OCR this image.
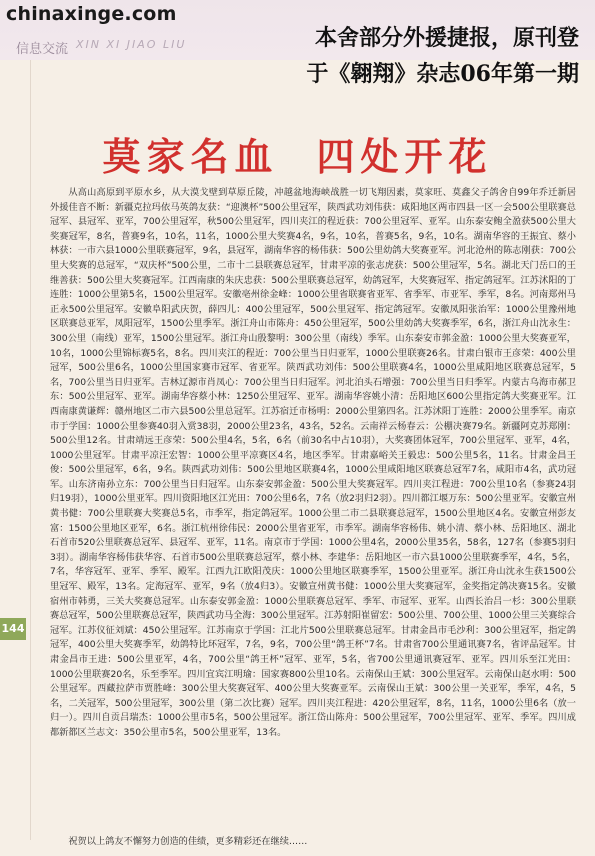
chinaxinge.com
信息交流 XIN XI JIAO LIU	本舍部分外援捷报，原刊登
于《翱翔》杂志06年第一期
莫家名血 四处开花

从高山高原到平原水乡，从大漠戈壁到草原丘陵，冲越盆地海峡战胜一切飞翔因素，莫家旺、莫鑫父子鸽舍自99年乔迁新居外援佳音不断：新疆克拉玛依马英鸽友获：“迎澳杯”500公里冠军，陕西武功刘伟获：咸阳地区两市四县一区一会500公里联赛总冠军、县冠军、亚军，700公里冠军，秋500公里冠军，四川夹江的程近获：700公里冠军、亚军。山东泰安鲍全盈获500公里大奖赛冠军，8名，普赛9名，10名，11名，1000公里大奖赛4名，9名，10名，普赛5名，9名，10名。湖南华容的王振宜、蔡小林获：一市六县1000公里联赛冠军，9名，县冠军，湖南华容的杨伟获：500公里幼鸽大奖赛亚军。河北沧州的陈志刚获：700公里大奖赛的总冠军，“双庆杯”500公里，二市十二县联赛总冠军，甘肃平凉的张志虎获：500公里冠军，5名。湖北天门岳口的王维善获：500公里大奖赛冠军。江西南康的朱庆忠获：500公里联赛总冠军，幼鸽冠军，大奖赛冠军、指定鸽冠军。江苏沭阳的丁连胜：1000公里第5名，1500公里冠军。安徽亳州徐金峰：1000公里省联赛省亚军、省季军、市亚军、季军，8名。河南郑州马正永500公里冠军。安徽阜阳武庆贺，薛四儿：400公里冠军，500公里冠军、指定鸽冠军。安徽凤阳张治军：1000公里豫州地区联赛总亚军，凤阳冠军，1500公里季军。浙江舟山市陈舟：450公里冠军，500公里幼鸽大奖赛季军，6名，浙江舟山沈永生：300公里（南线）亚军，1500公里冠军。浙江舟山殷黎明：300公里（南线）季军。山东泰安市郭金盈：1000公里大奖赛亚军，10名，1000公里锦标赛5名，8名。四川夹江的程近：700公里当日归亚军，1000公里联赛26名。甘肃白银市王彦荣：400公里冠军，500公里6名，1000公里国家赛市冠军、省亚军。陕西武功刘伟：500公里联赛4名，1000公里咸阳地区联赛总冠军，5名，700公里当日归亚军。吉林辽源市肖凤心：700公里当日归冠军。河北泊头石增强：700公里当日归季军。内蒙古乌海市郝卫东：500公里冠军、亚军。湖南华容蔡小林：1250公里冠军、亚军。湖南华容姚小清：岳阳地区600公里指定鸽大奖赛亚军。江西南康黄谦辉：赣州地区二市六县500公里总冠军。江苏宿迁市杨明：2000公里第四名。江苏沭阳丁连胜：2000公里季军。南京市于学国：1000公里参赛40羽入赏38羽，2000公里23名，43名，52名。云南祥云杨春云：公棚决赛79名。新疆阿克苏郑刚：500公里12名。甘肃靖远王彦荣：500公里4名，5名，6名（前30名中占10羽），大奖赛团体冠军，700公里冠军、亚军，4名，1000公里冠军。甘肃平凉汪宏智：1000公里平凉赛区4名，地区季军。甘肃嘉峪关王毅忠：500公里5名，11名。甘肃金昌王俊：500公里冠军，6名，9名。陕西武功刘伟：500公里地区联赛4名，1000公里咸阳地区联赛总冠军7名，咸阳市4名，武功冠军。山东济南孙立东：700公里当日归冠军。山东泰安郭金盈：500公里大奖赛冠军。四川夹江程进：700公里10名（参赛24羽归19羽），1000公里亚军。四川资阳地区江光田：700公里6名，7名（放2羽归2羽）。四川都江堰万东：500公里亚军。安徽宣州黄书健：700公里联赛大奖赛总5名，市季军，指定鸽冠军。1000公里二市二县联赛总冠军，1500公里地区4名。安徽宣州彭友富：1500公里地区亚军，6名。浙江杭州徐伟民：2000公里省亚军，市季军。湖南华容杨伟、姚小清、蔡小林、岳阳地区、湖北石首市520公里联赛总冠军、县冠军、亚军，11名。南京市于学国：1000公里4名，2000公里35名，58名，127名（参赛5羽归3羽）。湖南华容杨伟获华容、石首市500公里联赛总冠军，蔡小林、李建华：岳阳地区一市六县1000公里联赛季军，4名，5名，7名，华容冠军、亚军、季军、殿军。江西九江欧阳茂庆：1000公里地区联赛季军，1500公里亚军。浙江舟山沈永生获1500公里冠军、殿军，13名。定海冠军、亚军，9名（放4归3）。安徽宣州黄书健：1000公里大奖赛冠军，金奖指定鸽决赛15名。安徽宿州市韩勇，三关大奖赛总冠军。山东泰安郭金盈：1000公里联赛总冠军、季军、市冠军、亚军。山西长治吕一杉：300公里联赛总冠军，500公里联赛总冠军，陕西武功马全海：300公里冠军。江苏射阳崔留宏：500公里、700公里、1000公里三关赛综合冠军。江苏仪征刘斌：450公里冠军。江苏南京于学国：江北片500公里联赛总冠军。甘肃金昌市毛沙利：300公里冠军，指定鸽冠军，400公里大奖赛季军，幼鸽特比环冠军，7名，9名，700公里“鸽王杯”7名。甘肃省700公里通讯赛7名，省评品冠军。甘肃金昌市王进：500公里亚军，4名，700公里“鸽王杯”冠军、亚军，5名，省700公里通讯赛冠军、亚军。四川乐至江光田：1000公里联赛20名，乐至季军。四川宜宾江明瑜：国家赛800公里10名。云南保山王斌：300公里冠军。云南保山赵水明：500公里冠军。西藏拉萨市贾胜峰：300公里大奖赛冠军、400公里大奖赛亚军。云南保山王斌：300公里一关亚军，季军，4名，5名，二关冠军，500公里冠军，300公里（第二次比赛）冠军。四川夹江程进：420公里冠军，8名，11名，1000公里6名（放一归一）。四川自贡吕瑞杰：1000公里市5名，500公里冠军。浙江岱山陈舟：500公里冠军，700公里冠军、亚军、季军。四川成都新都区兰志文：350公里市5名，500公里亚军，13名。

祝贺以上鸽友不懈努力创造的佳绩，更多精彩还在继续……
144
